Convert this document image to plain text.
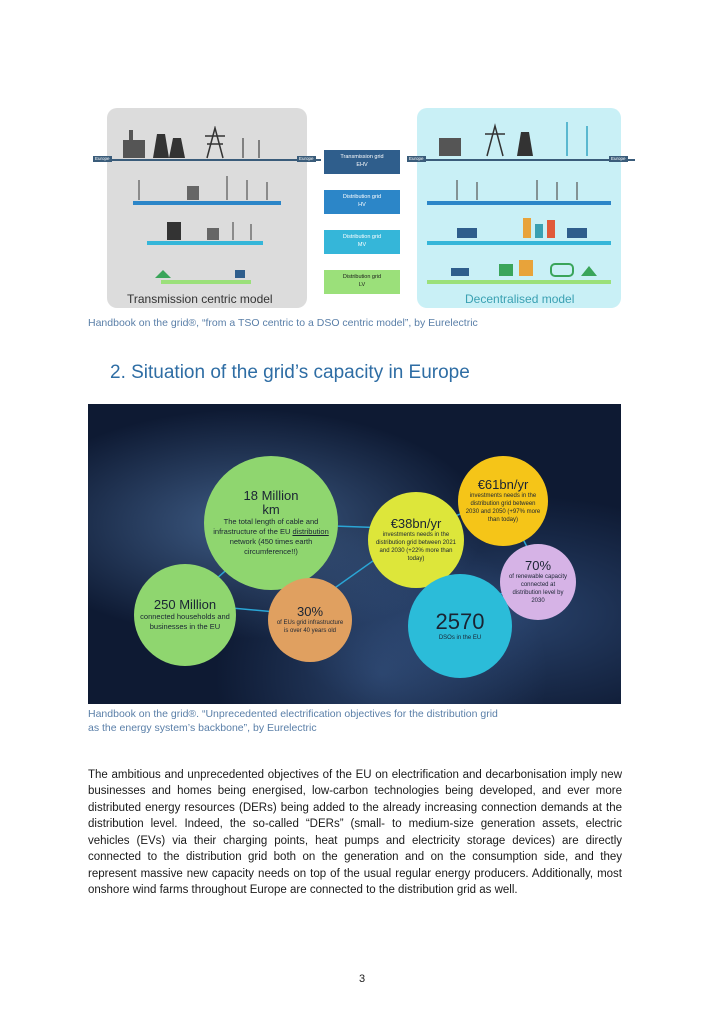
Europe	Europe
Transmission centric model
Transmission grid
EHV
Distribution grid
HV
Distribution grid
MV
Distribution grid
LV
Europe	Europe
Decentralised model
Handbook on the grid®, “from a TSO centric to a DSO centric model”, by Eurelectric
2. Situation of the grid’s capacity in Europe
18 Million
km
The total length of cable and infrastructure of the EU distribution network (450 times earth circumference!!)
€38bn/yr
investments needs in the distribution grid between 2021 and 2030 (+22% more than today)
€61bn/yr
investments needs in the distribution grid between 2030 and 2050 (+97% more than today)
70%
of renewable capacity connected at distribution level by 2030
250 Million
connected households and businesses in the EU
30%
of EUs grid infrastructure is over 40 years old	2570
DSOs in the EU
Handbook on the grid®. “Unprecedented electrification objectives for the distribution grid
as the energy system’s backbone”, by Eurelectric

The ambitious and unprecedented objectives of the EU on electrification and decarbonisation imply new businesses and homes being energised, low-carbon technologies being developed, and ever more distributed energy resources (DERs) being added to the already increasing connection demands at the distribution level. Indeed, the so-called “DERs” (small- to medium-size generation assets, electric vehicles (EVs) via their charging points, heat pumps and electricity storage devices) are directly connected to the distribution grid both on the generation and on the consumption side, and they represent massive new capacity needs on top of the usual regular energy producers. Additionally, most onshore wind farms throughout Europe are connected to the distribution grid as well.

3
